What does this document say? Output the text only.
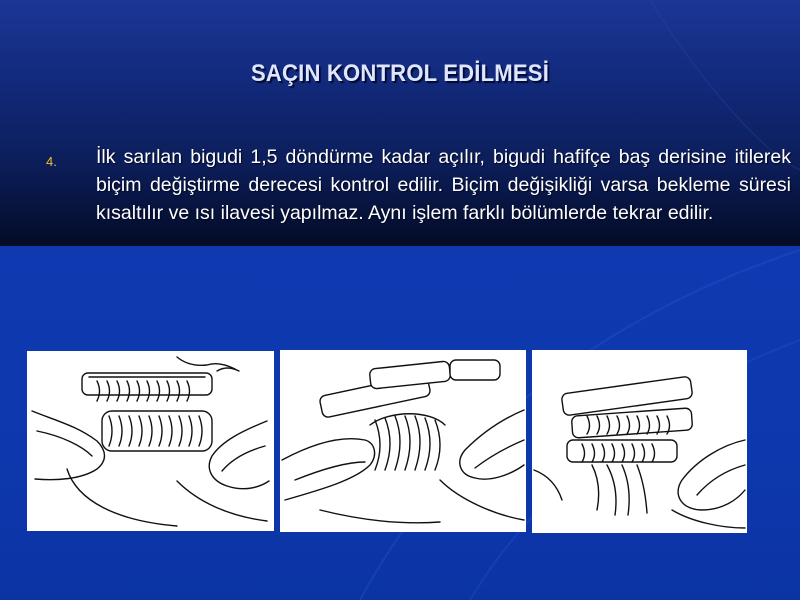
SAÇIN KONTROL EDİLMESİ
4. İlk sarılan bigudi 1,5 döndürme kadar açılır, bigudi hafifçe baş derisine itilerek biçim değiştirme derecesi kontrol edilir. Biçim değişikliği varsa bekleme süresi kısaltılır ve ısı ilavesi yapılmaz. Aynı işlem farklı bölümlerde tekrar edilir.
